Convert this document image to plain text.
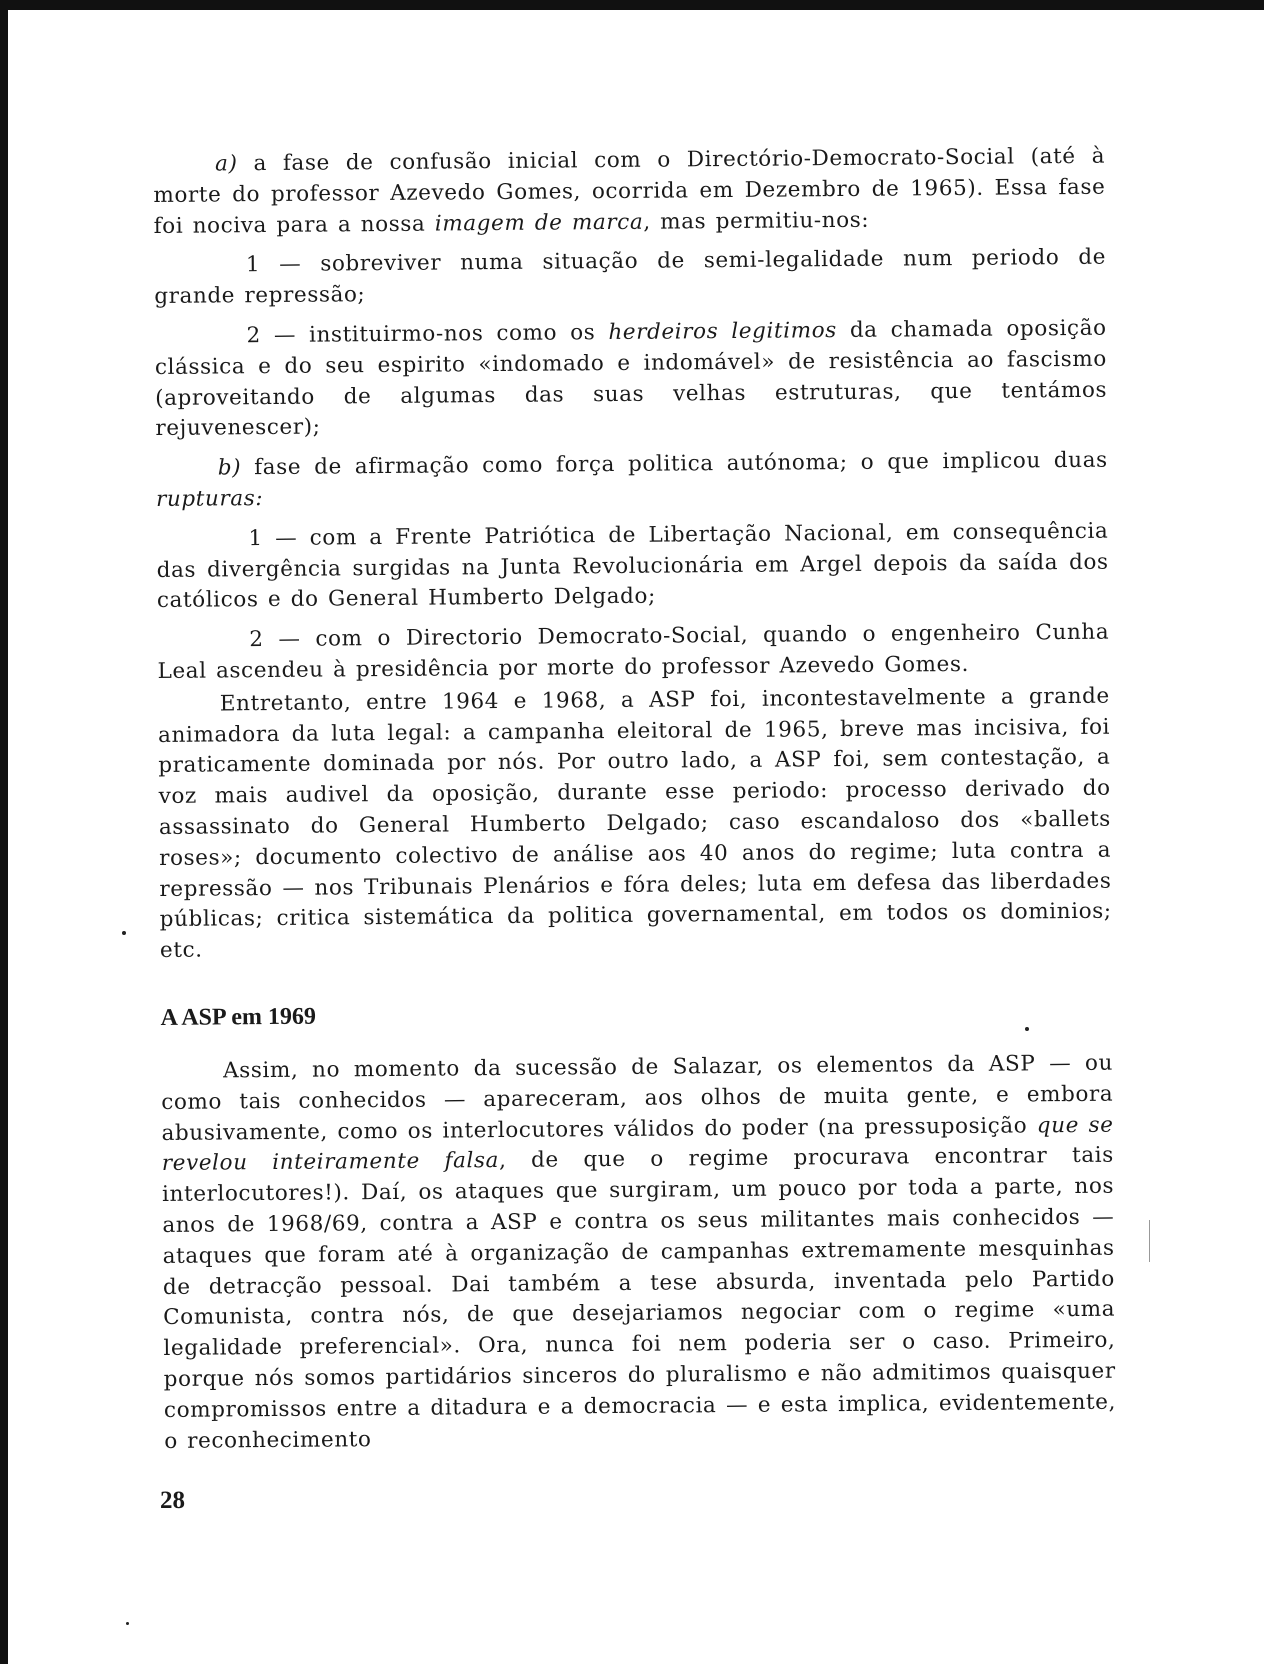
a) a fase de confusão inicial com o Directório-Democrato-Social (até à morte do professor Azevedo Gomes, ocorrida em Dezembro de 1965). Essa fase foi nociva para a nossa imagem de marca, mas permitiu-nos:

1 — sobreviver numa situação de semi-legalidade num periodo de grande repressão;

2 — instituirmo-nos como os herdeiros legitimos da chamada oposição clássica e do seu espirito «indomado e indomável» de resistência ao fascismo (aproveitando de algumas das suas velhas estruturas, que tentámos rejuvenescer);

b) fase de afirmação como força politica autónoma; o que implicou duas rupturas:

1 — com a Frente Patriótica de Libertação Nacional, em consequência das divergência surgidas na Junta Revolucionária em Argel depois da saída dos católicos e do General Humberto Delgado;

2 — com o Directorio Democrato-Social, quando o engenheiro Cunha Leal ascendeu à presidência por morte do professor Azevedo Gomes.

Entretanto, entre 1964 e 1968, a ASP foi, incontestavelmente a grande animadora da luta legal: a campanha eleitoral de 1965, breve mas incisiva, foi praticamente dominada por nós. Por outro lado, a ASP foi, sem contestação, a voz mais audivel da oposição, durante esse periodo: processo derivado do assassinato do General Humberto Delgado; caso escandaloso dos «ballets roses»; documento colectivo de análise aos 40 anos do regime; luta contra a repressão — nos Tribunais Plenários e fóra deles; luta em defesa das liberdades públicas; critica sistemática da politica governamental, em todos os dominios; etc.

A ASP em 1969

Assim, no momento da sucessão de Salazar, os elementos da ASP — ou como tais conhecidos — apareceram, aos olhos de muita gente, e embora abusivamente, como os interlocutores válidos do poder (na pressuposição que se revelou inteiramente falsa, de que o regime procurava encontrar tais interlocutores!). Daí, os ataques que surgiram, um pouco por toda a parte, nos anos de 1968/69, contra a ASP e contra os seus militantes mais conhecidos — ataques que foram até à organização de campanhas extremamente mesquinhas de detracção pessoal. Dai também a tese absurda, inventada pelo Partido Comunista, contra nós, de que desejariamos negociar com o regime «uma legalidade preferencial». Ora, nunca foi nem poderia ser o caso. Primeiro, porque nós somos partidários sinceros do pluralismo e não admitimos quaisquer compromissos entre a ditadura e a democracia — e esta implica, evidentemente, o reconhecimento

28
